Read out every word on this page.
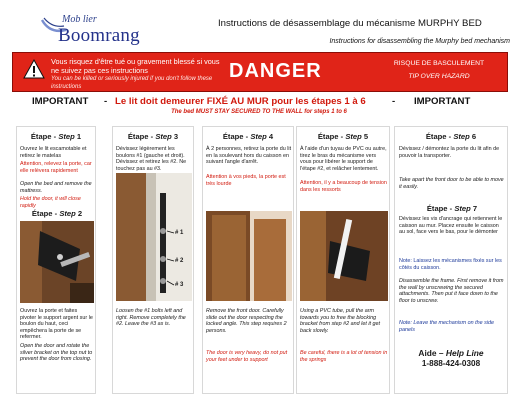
Mob lier
Boomrang
Instructions de désassemblage du mécanisme MURPHY BED
Instructions for disassembling the Murphy bed mechanism
Vous risquez d'être tué ou gravement blessé si vous ne suivez pas ces instructions
You can be killed or seriously injured if you don't follow these instructions
DANGER	RISQUE DE BASCULEMENT
TIP OVER HAZARD
IMPORTANT - Le lit doit demeurer FIXÉ AU MUR pour les étapes 1 à 6	- IMPORTANT
The bed MUST STAY SECURED TO THE WALL for steps 1 to 6
Étape - Step 1
Ouvrez le lit escamotable et retirez le matelas
Attention, relevez la porte, car elle relèvera rapidement
Open the bed and remove the mattress.
Hold the door, it will close rapidly
Étape - Step 2
Ouvrez la porte et faites pivoter le support argent sur le boulon du haut, ceci empêchera la porte de se refermer.
Open the door and rotate the silver bracket on the top nut to prevent the door from closing.
Étape - Step 3
Dévissez légèrement les boulons #1 (gauche et droit). Dévissez et retirez les #2. Ne touchez pas au #3.
# 1
# 2
# 3
Loosen the #1 bolts left and right. Remove completely the #2. Leave the #3 as is.
Étape - Step 4
À 2 personnes, retirez la porte du lit en la soulevant hors du caisson en suivant l'angle d'arrêt.
Attention à vos pieds, la porte est très lourde
Remove the front door. Carefully slide out the door respecting the locked angle. This step requires 2 persons.
The door is very heavy, do not put your feet under to support
Étape - Step 5
À l'aide d'un tuyau de PVC ou autre, tirez le bras du mécanisme vers vous pour libérer le support de l'étape #2, et relâcher lentement.
Attention, il y a beaucoup de tension dans les ressorts
Using a PVC tube, pull the arm towards you to free the blocking bracket from step #2 and let it get back slowly.
Be careful, there is a lot of tension in the springs
Étape - Step 6
Dévissez / démontez la porte du lit afin de pouvoir la transporter.
Take apart the front door to be able to move it easily.
Étape - Step 7
Dévissez les vis d'ancrage qui retiennent le caisson au mur. Placez ensuite le caisson au sol, face vers le bas, pour le démonter
Note: Laissez les mécanismes fixés sur les côtés du caisson.
Disassemble the frame. First remove it from the wall by unscrewing the secured attachments. Then put it face down to the floor to unscrew.
Note: Leave the mechanism on the side panels
Aide – Help Line
1-888-424-0308
